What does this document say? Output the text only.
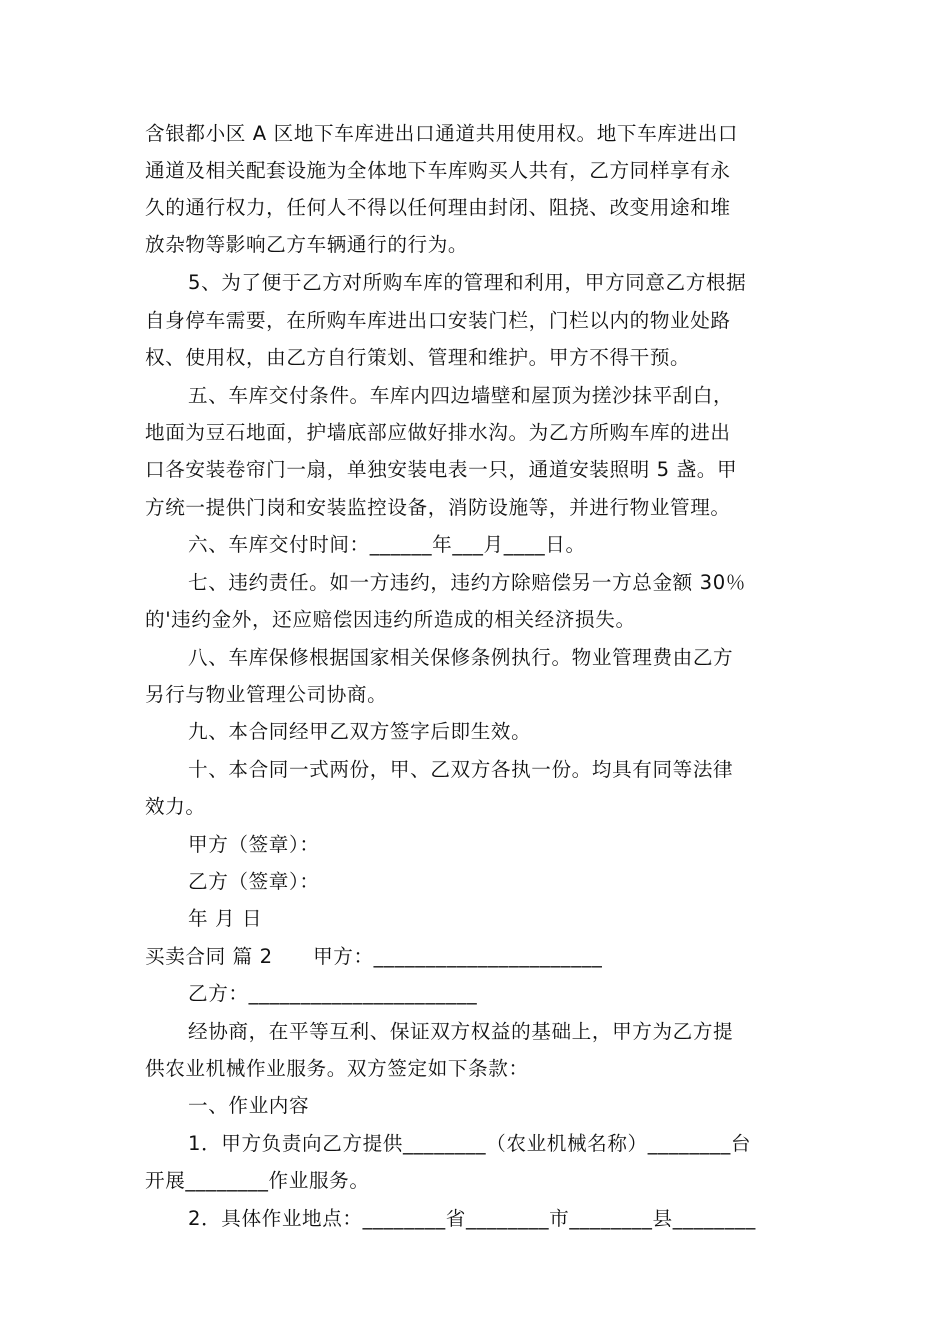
含银都小区 A 区地下车库进出口通道共用使用权。地下车库进出口
通道及相关配套设施为全体地下车库购买人共有，乙方同样享有永
久的通行权力，任何人不得以任何理由封闭、阻挠、改变用途和堆
放杂物等影响乙方车辆通行的行为。
5、为了便于乙方对所购车库的管理和利用，甲方同意乙方根据
自身停车需要，在所购车库进出口安装门栏，门栏以内的物业处路
权、使用权，由乙方自行策划、管理和维护。甲方不得干预。
五、车库交付条件。车库内四边墙壁和屋顶为搓沙抹平刮白，
地面为豆石地面，护墙底部应做好排水沟。为乙方所购车库的进出
口各安装卷帘门一扇，单独安装电表一只，通道安装照明 5 盏。甲
方统一提供门岗和安装监控设备，消防设施等，并进行物业管理。
六、车库交付时间：______年___月____日。
七、违约责任。如一方违约，违约方除赔偿另一方总金额 30％
的'违约金外，还应赔偿因违约所造成的相关经济损失。
八、车库保修根据国家相关保修条例执行。物业管理费由乙方
另行与物业管理公司协商。
九、本合同经甲乙双方签字后即生效。
十、本合同一式两份，甲、乙双方各执一份。均具有同等法律
效力。
甲方（签章）：
乙方（签章）：
年 月 日
买卖合同 篇 2　　甲方：______________________
乙方：______________________
经协商，在平等互利、保证双方权益的基础上，甲方为乙方提
供农业机械作业服务。双方签定如下条款：
一、作业内容
1．甲方负责向乙方提供________（农业机械名称）________台
开展________作业服务。
2．具体作业地点：________省________市________县________
